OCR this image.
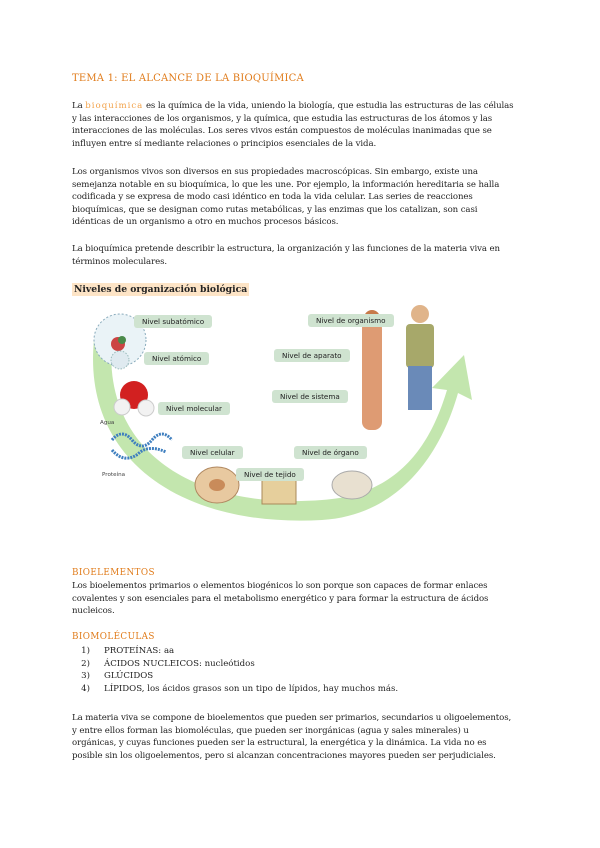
TEMA 1: EL ALCANCE DE LA BIOQUÍMICA
La bioquímica es la química de la vida, uniendo la biología, que estudia las estructuras de las células
y las interacciones de los organismos, y la química, que estudia las estructuras de los átomos y las
interacciones de las moléculas. Los seres vivos están compuestos de moléculas inanimadas que se
influyen entre sí mediante relaciones o principios esenciales de la vida.
Los organismos vivos son diversos en sus propiedades macroscópicas. Sin embargo, existe una
semejanza notable en su bioquímica, lo que les une. Por ejemplo, la información hereditaria se halla
codificada y se expresa de modo casi idéntico en toda la vida celular. Las series de reacciones
bioquímicas, que se designan como rutas metabólicas, y las enzimas que los catalizan, son casi
idénticas de un organismo a otro en muchos procesos básicos.
La bioquímica pretende describir la estructura, la organización y las funciones de la materia viva en
términos moleculares.
Niveles de organización biológica
Nivel subatómico
Nivel atómico
Nivel molecular
Nivel celular
Nivel de tejido
Nivel de órgano
Nivel de sistema
Nivel de aparato
Nivel de organismo
Agua
Proteína
BIOELEMENTOS
Los bioelementos primarios o elementos biogénicos lo son porque son capaces de formar enlaces
covalentes y son esenciales para el metabolismo energético y para formar la estructura de ácidos
nucleicos.
BIOMOLÉCULAS
1) PROTEÍNAS: aa
2) ÁCIDOS NUCLEICOS: nucleótidos
3) GLÚCIDOS
4) LÍPIDOS, los ácidos grasos son un tipo de lípidos, hay muchos más.
La materia viva se compone de bioelementos que pueden ser primarios, secundarios u oligoelementos,
y entre ellos forman las biomoléculas, que pueden ser inorgánicas (agua y sales minerales) u
orgánicas, y cuyas funciones pueden ser la estructural, la energética y la dinámica. La vida no es
posible sin los oligoelementos, pero si alcanzan concentraciones mayores pueden ser perjudiciales.
